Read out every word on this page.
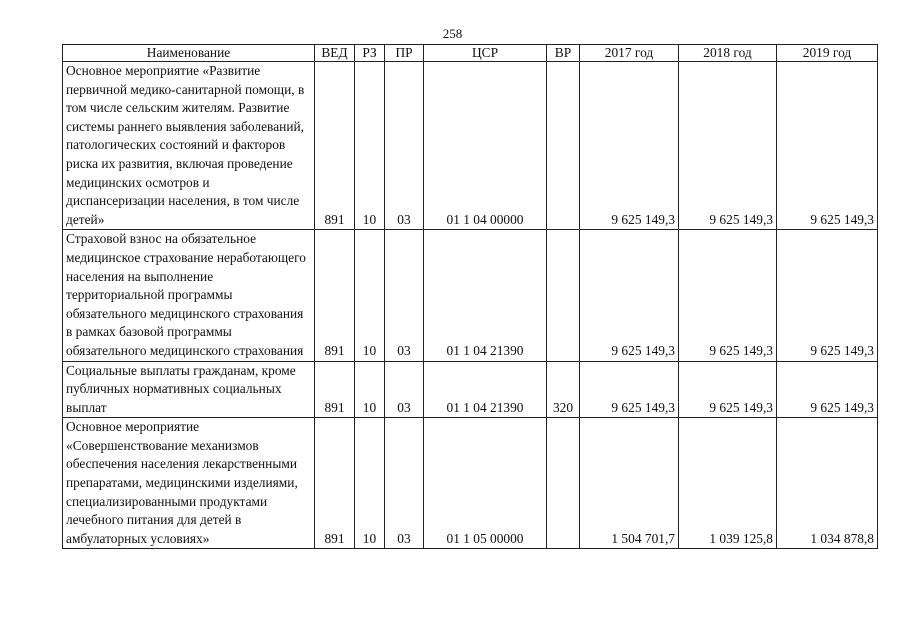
258
Наименование	ВЕД	РЗ	ПР	ЦСР	ВР	2017 год	2018 год	2019 год
Основное мероприятие «Развитие первичной медико-санитарной помощи, в том числе сельским жителям. Развитие системы раннего выявления заболеваний, патологических состояний и факторов риска их развития, включая проведение медицинских осмотров и диспансеризации населения, в том числе детей»	891	10	03	01 1 04 00000		9 625 149,3	9 625 149,3	9 625 149,3
Страховой взнос на обязательное медицинское страхование неработающего населения на выполнение территориальной программы обязательного медицинского страхования в рамках базовой программы обязательного медицинского страхования	891	10	03	01 1 04 21390		9 625 149,3	9 625 149,3	9 625 149,3
Социальные выплаты гражданам, кроме публичных нормативных социальных выплат	891	10	03	01 1 04 21390	320	9 625 149,3	9 625 149,3	9 625 149,3
Основное мероприятие «Совершенствование механизмов обеспечения населения лекарственными препаратами, медицинскими изделиями, специализированными продуктами лечебного питания для детей в амбулаторных условиях»	891	10	03	01 1 05 00000		1 504 701,7	1 039 125,8	1 034 878,8
